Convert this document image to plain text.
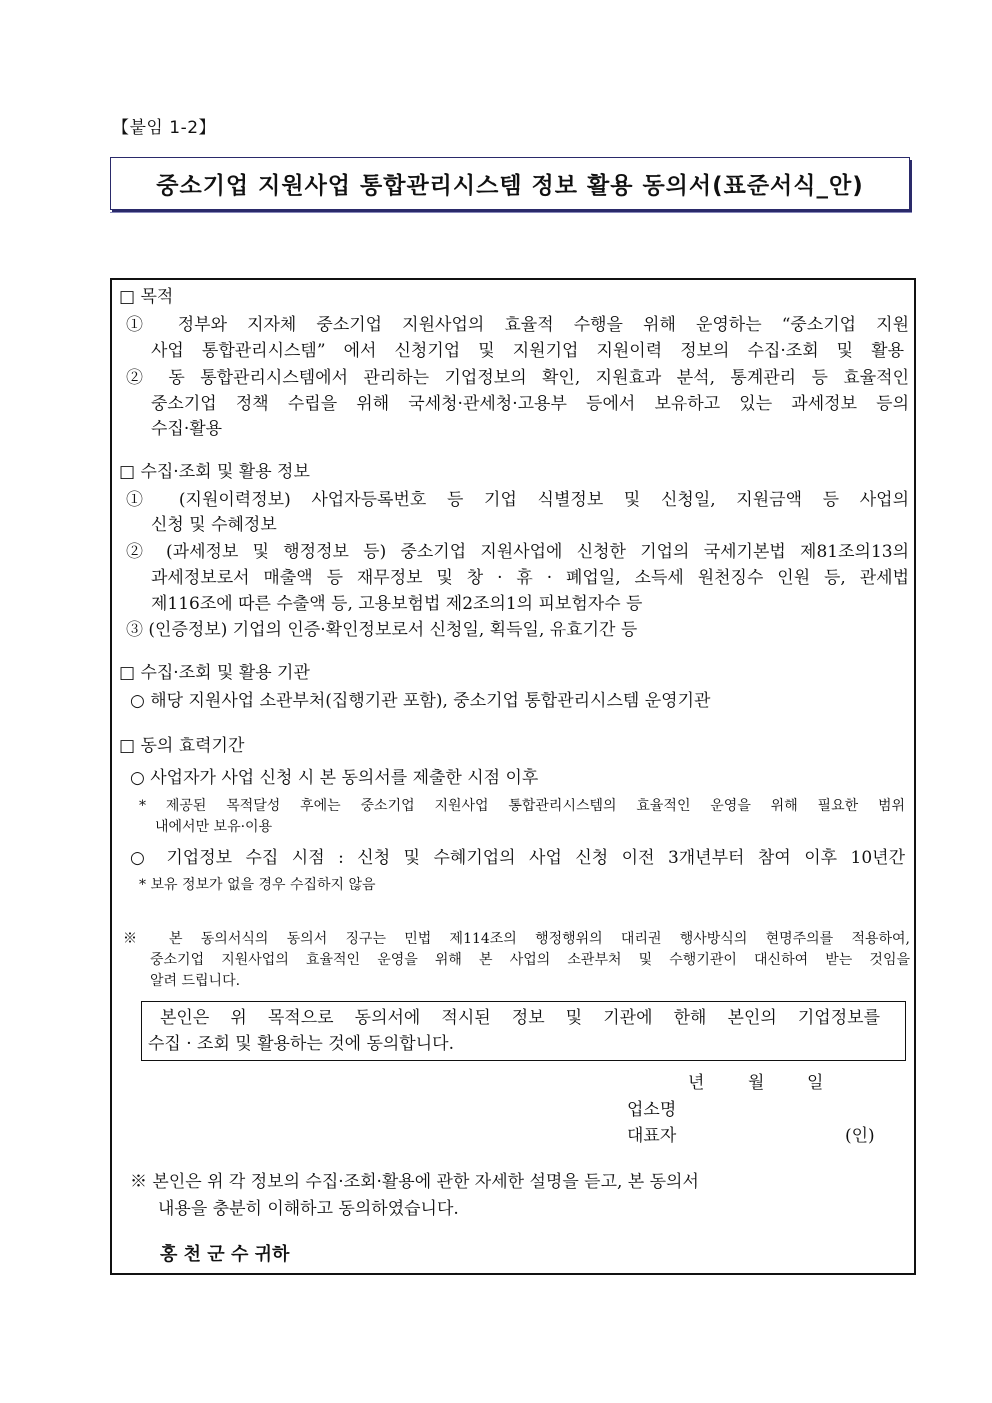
【붙임 1-2】
중소기업 지원사업 통합관리시스템 정보 활용 동의서(표준서식_안)
□ 목적
① 정부와 지자체 중소기업 지원사업의 효율적 수행을 위해 운영하는 “중소기업 지원
사업 통합관리시스템” 에서 신청기업 및 지원기업 지원이력 정보의 수집·조회 및 활용
② 동 통합관리시스템에서 관리하는 기업정보의 확인, 지원효과 분석, 통계관리 등 효율적인
중소기업 정책 수립을 위해 국세청·관세청·고용부 등에서 보유하고 있는 과세정보 등의
수집·활용
□ 수집·조회 및 활용 정보
① (지원이력정보) 사업자등록번호 등 기업 식별정보 및 신청일, 지원금액 등 사업의
신청 및 수혜정보
② (과세정보 및 행정정보 등) 중소기업 지원사업에 신청한 기업의 국세기본법 제81조의13의
과세정보로서 매출액 등 재무정보 및 창 · 휴 · 폐업일, 소득세 원천징수 인원 등, 관세법
제116조에 따른 수출액 등, 고용보험법 제2조의1의 피보험자수 등
③ (인증정보) 기업의 인증·확인정보로서 신청일, 획득일, 유효기간 등
□ 수집·조회 및 활용 기관
○ 해당 지원사업 소관부처(집행기관 포함), 중소기업 통합관리시스템 운영기관
□ 동의 효력기간
○ 사업자가 사업 신청 시 본 동의서를 제출한 시점 이후
* 제공된 목적달성 후에는 중소기업 지원사업 통합관리시스템의 효율적인 운영을 위해 필요한 범위
내에서만 보유·이용
○ 기업정보 수집 시점 : 신청 및 수혜기업의 사업 신청 이전 3개년부터 참여 이후 10년간
* 보유 정보가 없을 경우 수집하지 않음
※ 본 동의서식의 동의서 징구는 민법 제114조의 행정행위의 대리권 행사방식의 현명주의를 적용하여,
중소기업 지원사업의 효율적인 운영을 위해 본 사업의 소관부처 및 수행기관이 대신하여 받는 것임을
알려 드립니다.
본인은 위 목적으로 동의서에 적시된 정보 및 기관에 한해 본인의 기업정보를
수집 · 조회 및 활용하는 것에 동의합니다.
년	월	일
업소명
대표자	(인)
※ 본인은 위 각 정보의 수집·조회·활용에 관한 자세한 설명을 듣고, 본 동의서
내용을 충분히 이해하고 동의하였습니다.
홍 천 군 수 귀하
